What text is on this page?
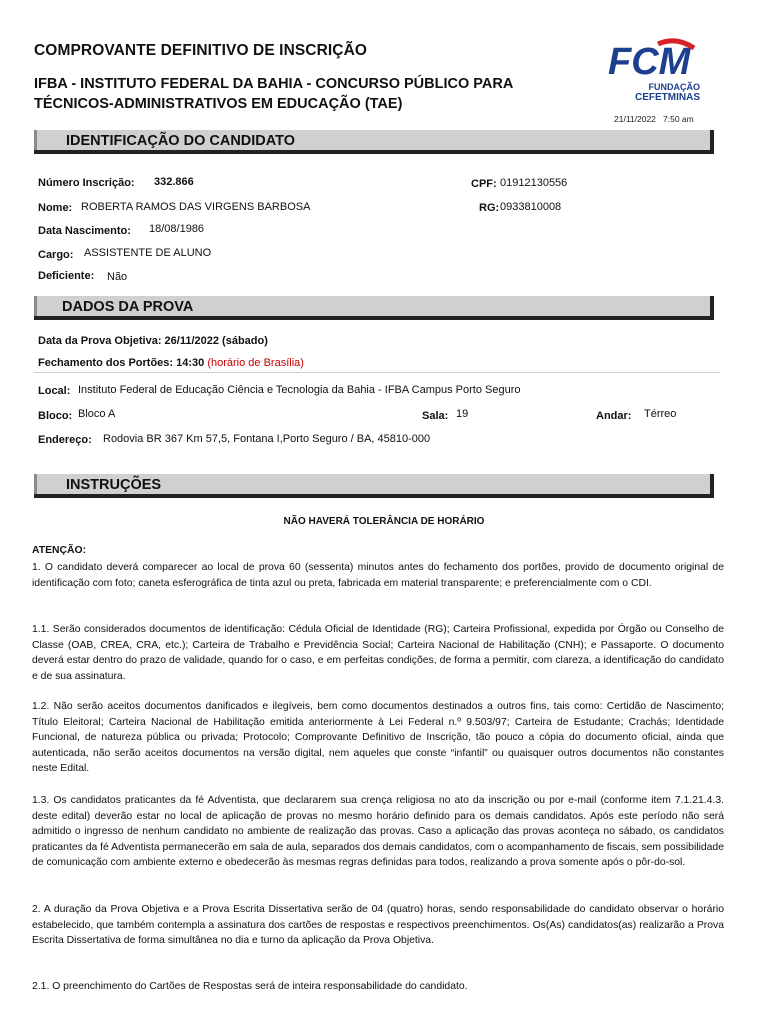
COMPROVANTE DEFINITIVO DE INSCRIÇÃO
IFBA - INSTITUTO FEDERAL DA BAHIA - CONCURSO PÚBLICO PARA TÉCNICOS-ADMINISTRATIVOS EM EDUCAÇÃO (TAE)
FCM
FUNDAÇÃO
CEFETMINAS
21/11/2022 7:50 am
IDENTIFICAÇÃO DO CANDIDATO
Número Inscrição: 332.866	CPF: 01912130556
Nome: ROBERTA RAMOS DAS VIRGENS BARBOSA	RG: 0933810008
Data Nascimento: 18/08/1986
Cargo: ASSISTENTE DE ALUNO
Deficiente: Não
DADOS DA PROVA
Data da Prova Objetiva: 26/11/2022 (sábado)
Fechamento dos Portões: 14:30 (horário de Brasília)
Local: Instituto Federal de Educação Ciência e Tecnologia da Bahia - IFBA Campus Porto Seguro
Bloco: Bloco A	Sala: 19	Andar: Térreo
Endereço: Rodovia BR 367 Km 57,5, Fontana I,Porto Seguro / BA, 45810-000
INSTRUÇÕES
NÃO HAVERÁ TOLERÂNCIA DE HORÁRIO
ATENÇÃO:
1. O candidato deverá comparecer ao local de prova 60 (sessenta) minutos antes do fechamento dos portões, provido de documento original de identificação com foto; caneta esferográfica de tinta azul ou preta, fabricada em material transparente; e preferencialmente com o CDI.
1.1. Serão considerados documentos de identificação: Cédula Oficial de Identidade (RG); Carteira Profissional, expedida por Órgão ou Conselho de Classe (OAB, CREA, CRA, etc.); Carteira de Trabalho e Previdência Social; Carteira Nacional de Habilitação (CNH); e Passaporte. O documento deverá estar dentro do prazo de validade, quando for o caso, e em perfeitas condições, de forma a permitir, com clareza, a identificação do candidato e de sua assinatura.
1.2. Não serão aceitos documentos danificados e ilegíveis, bem como documentos destinados a outros fins, tais como: Certidão de Nascimento; Título Eleitoral; Carteira Nacional de Habilitação emitida anteriormente à Lei Federal n.º 9.503/97; Carteira de Estudante; Crachás; Identidade Funcional, de natureza pública ou privada; Protocolo; Comprovante Definitivo de Inscrição, tão pouco a cópia do documento oficial, ainda que autenticada, não serão aceitos documentos na versão digital, nem aqueles que conste “infantil” ou quaisquer outros documentos não constantes neste Edital.
1.3. Os candidatos praticantes da fé Adventista, que declararem sua crença religiosa no ato da inscrição ou por e-mail (conforme item 7.1.21.4.3. deste edital) deverão estar no local de aplicação de provas no mesmo horário definido para os demais candidatos. Após este período não será admitido o ingresso de nenhum candidato no ambiente de realização das provas. Caso a aplicação das provas aconteça no sábado, os candidatos praticantes da fé Adventista permanecerão em sala de aula, separados dos demais candidatos, com o acompanhamento de fiscais, sem possibilidade de comunicação com ambiente externo e obedecerão às mesmas regras definidas para todos, realizando a prova somente após o pôr-do-sol.
2. A duração da Prova Objetiva e a Prova Escrita Dissertativa serão de 04 (quatro) horas, sendo responsabilidade do candidato observar o horário estabelecido, que também contempla a assinatura dos cartões de respostas e respectivos preenchimentos. Os(As) candidatos(as) realizarão a Prova Escrita Dissertativa de forma simultânea no dia e turno da aplicação da Prova Objetiva.
2.1. O preenchimento do Cartões de Respostas será de inteira responsabilidade do candidato.
